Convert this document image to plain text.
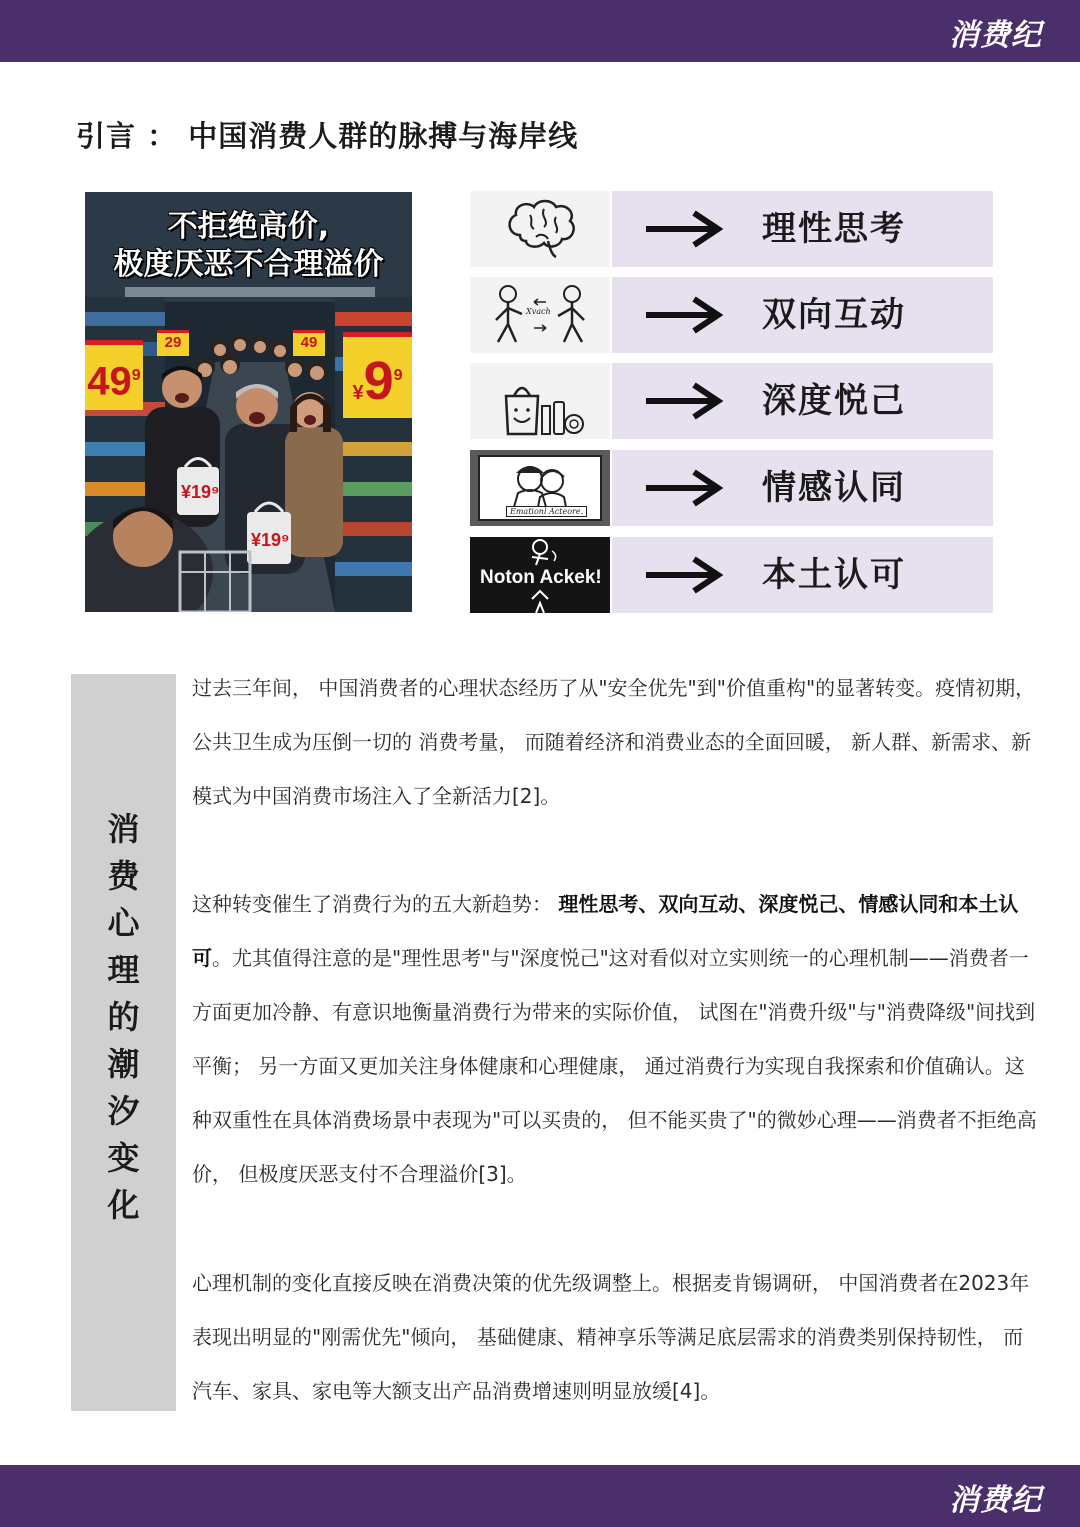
消费纪
引言 ： 中国消费人群的脉搏与海岸线
不拒绝高价,
极度厌恶不合理溢价
$49^9$
$¥9^9$
29	49
¥19⁹
¥19⁹
理性思考
Xvach	双向互动
深度悦己
Emationl Acteore.
情感认同
Noton Ackek!	本土认可
消
费
心
理
的
潮
汐
变
化

过去三年间， 中国消费者的心理状态经历了从"安全优先"到"价值重构"的显著转变。疫情初期， 公共卫生成为压倒一切的 消费考量， 而随着经济和消费业态的全面回暖， 新人群、新需求、新模式为中国消费市场注入了全新活力[2]。

这种转变催生了消费行为的五大新趋势： 理性思考、双向互动、深度悦己、情感认同和本土认可。尤其值得注意的是"理性思考"与"深度悦己"这对看似对立实则统一的心理机制——消费者一方面更加冷静、有意识地衡量消费行为带来的实际价值， 试图在"消费升级"与"消费降级"间找到平衡； 另一方面又更加关注身体健康和心理健康， 通过消费行为实现自我探索和价值确认。这种双重性在具体消费场景中表现为"可以买贵的， 但不能买贵了"的微妙心理——消费者不拒绝高价， 但极度厌恶支付不合理溢价[3]。

心理机制的变化直接反映在消费决策的优先级调整上。根据麦肯锡调研， 中国消费者在2023年表现出明显的"刚需优先"倾向， 基础健康、精神享乐等满足底层需求的消费类别保持韧性， 而汽车、家具、家电等大额支出产品消费增速则明显放缓[4]。

消费纪
